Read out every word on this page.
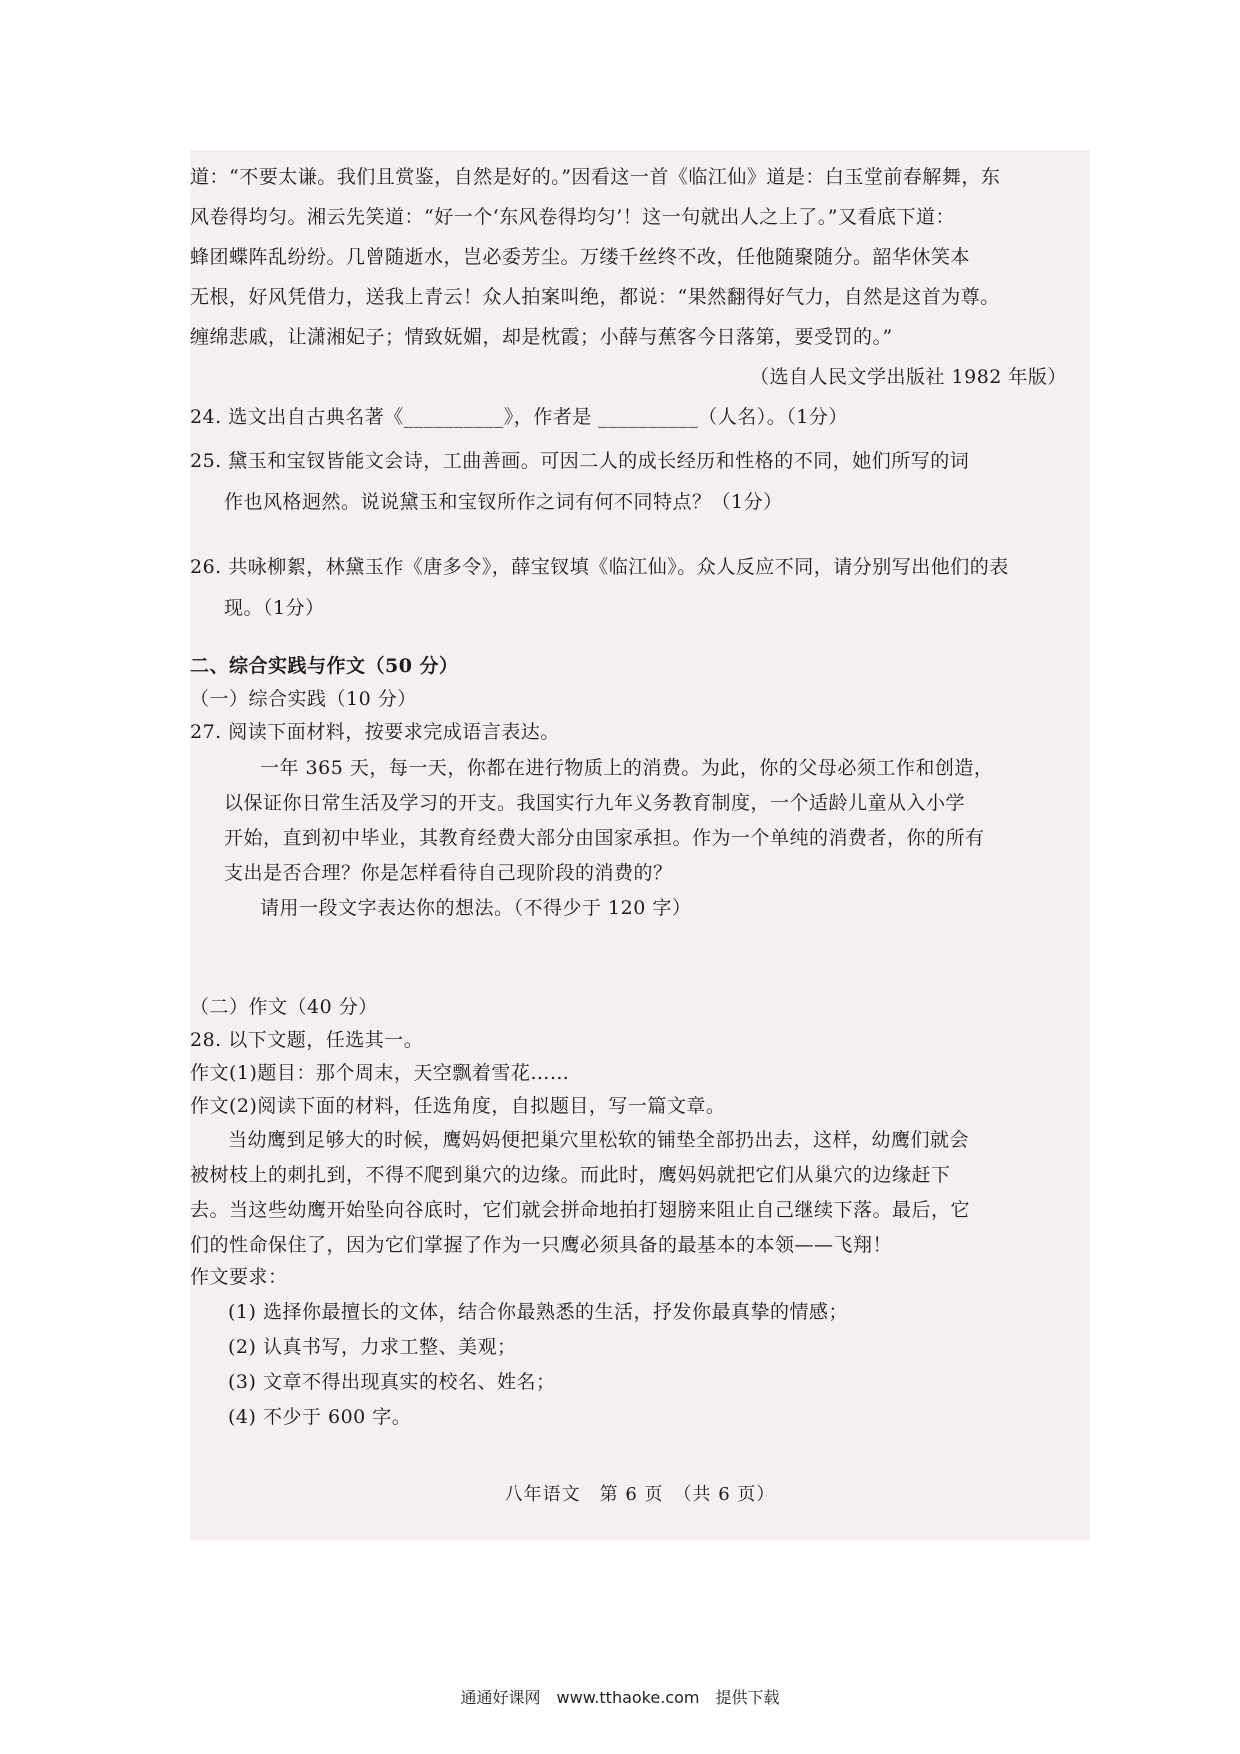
道：“不要太谦。我们且赏鉴，自然是好的。”因看这一首《临江仙》道是：白玉堂前春解舞，东
风卷得均匀。湘云先笑道：“好一个‘东风卷得均匀’！这一句就出人之上了。”又看底下道：
蜂团蝶阵乱纷纷。几曾随逝水，岂必委芳尘。万缕千丝终不改，任他随聚随分。韶华休笑本
无根，好风凭借力，送我上青云！众人拍案叫绝，都说：“果然翻得好气力，自然是这首为尊。
缠绵悲戚，让潇湘妃子；情致妩媚，却是枕霞；小薛与蕉客今日落第，要受罚的。”
（选自人民文学出版社 1982 年版）
24. 选文出自古典名著《__________》，作者是 __________（人名）。（1分）
25. 黛玉和宝钗皆能文会诗，工曲善画。可因二人的成长经历和性格的不同，她们所写的词
作也风格迥然。说说黛玉和宝钗所作之词有何不同特点？（1分）
26. 共咏柳絮，林黛玉作《唐多令》，薛宝钗填《临江仙》。众人反应不同，请分别写出他们的表
现。（1分）
二、综合实践与作文（50 分）
（一）综合实践（10 分）
27. 阅读下面材料，按要求完成语言表达。
一年 365 天，每一天，你都在进行物质上的消费。为此，你的父母必须工作和创造，
以保证你日常生活及学习的开支。我国实行九年义务教育制度，一个适龄儿童从入小学
开始，直到初中毕业，其教育经费大部分由国家承担。作为一个单纯的消费者，你的所有
支出是否合理？你是怎样看待自己现阶段的消费的？
请用一段文字表达你的想法。（不得少于 120 字）
（二）作文（40 分）
28. 以下文题，任选其一。
作文(1)题目：那个周末，天空飘着雪花……
作文(2)阅读下面的材料，任选角度，自拟题目，写一篇文章。
当幼鹰到足够大的时候，鹰妈妈便把巢穴里松软的铺垫全部扔出去，这样，幼鹰们就会
被树枝上的刺扎到，不得不爬到巢穴的边缘。而此时，鹰妈妈就把它们从巢穴的边缘赶下
去。当这些幼鹰开始坠向谷底时，它们就会拼命地拍打翅膀来阻止自己继续下落。最后，它
们的性命保住了，因为它们掌握了作为一只鹰必须具备的最基本的本领——飞翔！
作文要求：
(1) 选择你最擅长的文体，结合你最熟悉的生活，抒发你最真挚的情感；
(2) 认真书写，力求工整、美观；
(3) 文章不得出现真实的校名、姓名；
(4) 不少于 600 字。
八年语文　第 6 页　（共 6 页）
通通好课网　www.tthaoke.com　提供下载
